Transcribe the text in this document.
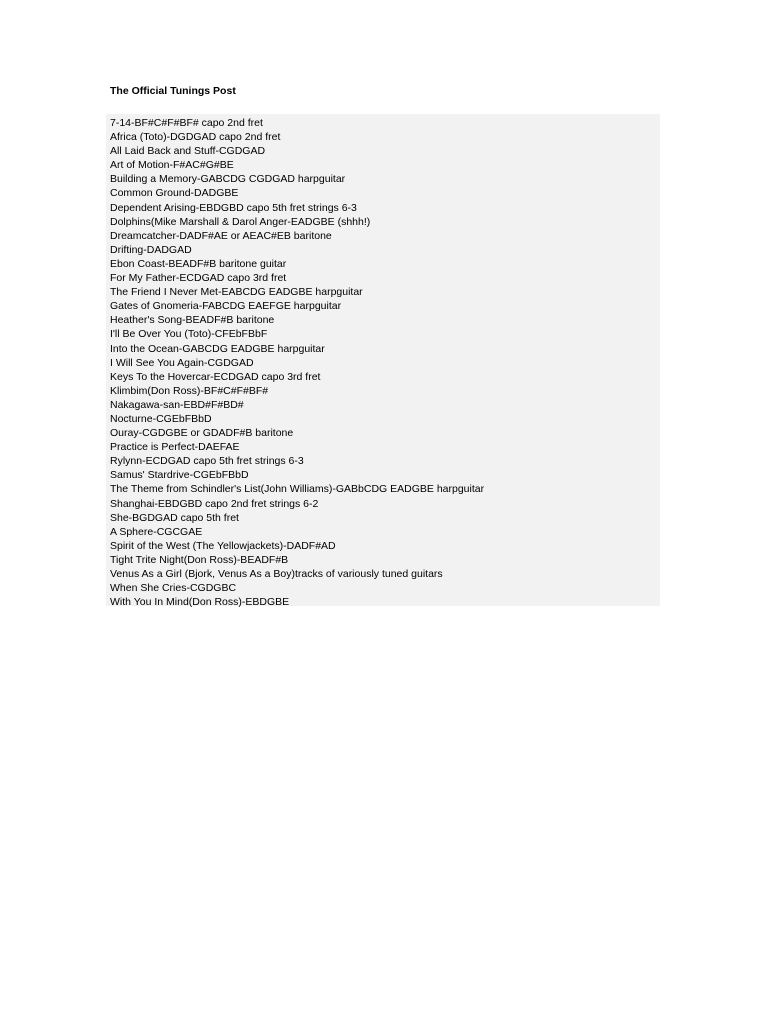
The Official Tunings Post
7-14-BF#C#F#BF# capo 2nd fret
Africa (Toto)-DGDGAD capo 2nd fret
All Laid Back and Stuff-CGDGAD
Art of Motion-F#AC#G#BE
Building a Memory-GABCDG CGDGAD harpguitar
Common Ground-DADGBE
Dependent Arising-EBDGBD capo 5th fret strings 6-3
Dolphins(Mike Marshall & Darol Anger-EADGBE (shhh!)
Dreamcatcher-DADF#AE or AEAC#EB baritone
Drifting-DADGAD
Ebon Coast-BEADF#B baritone guitar
For My Father-ECDGAD capo 3rd fret
The Friend I Never Met-EABCDG EADGBE harpguitar
Gates of Gnomeria-FABCDG EAEFGE harpguitar
Heather's Song-BEADF#B baritone
I'll Be Over You (Toto)-CFEbFBbF
Into the Ocean-GABCDG EADGBE harpguitar
I Will See You Again-CGDGAD
Keys To the Hovercar-ECDGAD capo 3rd fret
Klimbim(Don Ross)-BF#C#F#BF#
Nakagawa-san-EBD#F#BD#
Nocturne-CGEbFBbD
Ouray-CGDGBE or GDADF#B baritone
Practice is Perfect-DAEFAE
Rylynn-ECDGAD capo 5th fret strings 6-3
Samus' Stardrive-CGEbFBbD
The Theme from Schindler's List(John Williams)-GABbCDG EADGBE harpguitar
Shanghai-EBDGBD capo 2nd fret strings 6-2
She-BGDGAD capo 5th fret
A Sphere-CGCGAE
Spirit of the West (The Yellowjackets)-DADF#AD
Tight Trite Night(Don Ross)-BEADF#B
Venus As a Girl (Bjork, Venus As a Boy)tracks of variously tuned guitars
When She Cries-CGDGBC
With You In Mind(Don Ross)-EBDGBE
